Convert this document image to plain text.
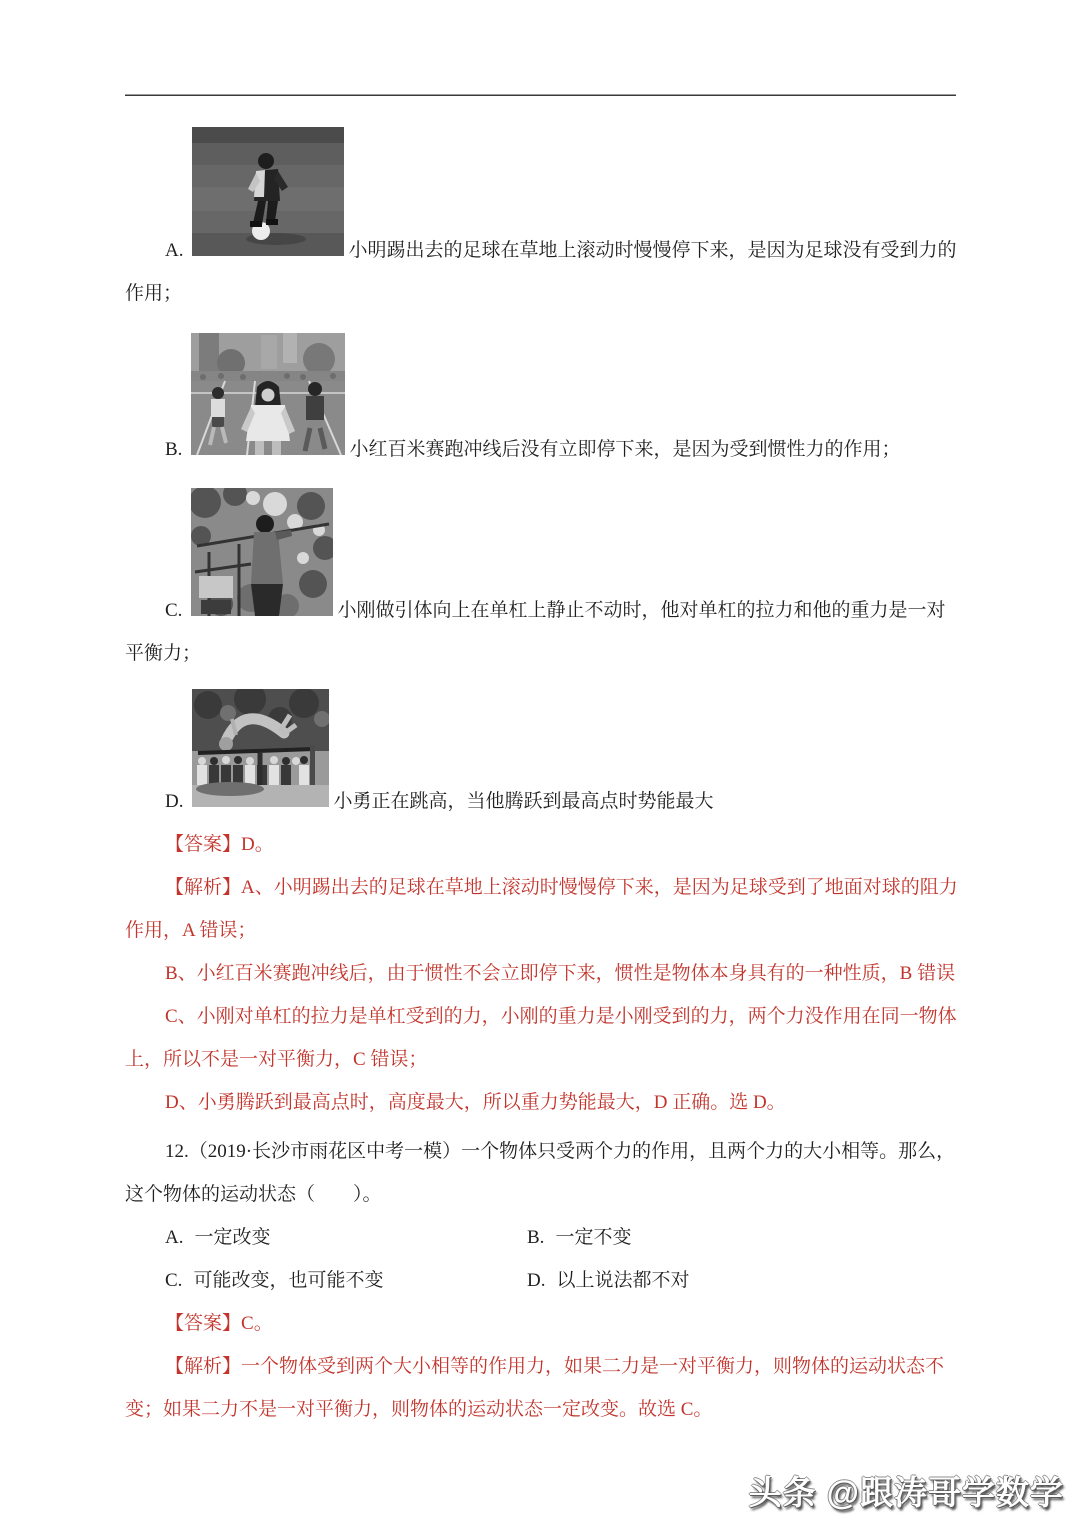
A.	小明踢出去的足球在草地上滚动时慢慢停下来，是因为足球没有受到力的作用；

B.	小红百米赛跑冲线后没有立即停下来，是因为受到惯性力的作用；

C.	小刚做引体向上在单杠上静止不动时，他对单杠的拉力和他的重力是一对平衡力；

D.	小勇正在跳高，当他腾跃到最高点时势能最大

【答案】D。

【解析】A、小明踢出去的足球在草地上滚动时慢慢停下来，是因为足球受到了地面对球的阻力作用，A 错误；

B、小红百米赛跑冲线后，由于惯性不会立即停下来，惯性是物体本身具有的一种性质，B 错误

C、小刚对单杠的拉力是单杠受到的力，小刚的重力是小刚受到的力，两个力没作用在同一物体上，所以不是一对平衡力，C 错误；

D、小勇腾跃到最高点时，高度最大，所以重力势能最大，D 正确。选 D。

12.（2019·长沙市雨花区中考一模）一个物体只受两个力的作用，且两个力的大小相等。那么，这个物体的运动状态（　　）。

A. 一定改变	B. 一定不变
C. 可能改变，也可能不变	D. 以上说法都不对

【答案】C。

【解析】一个物体受到两个大小相等的作用力，如果二力是一对平衡力，则物体的运动状态不变；如果二力不是一对平衡力，则物体的运动状态一定改变。故选 C。

头条 @跟涛哥学数学
